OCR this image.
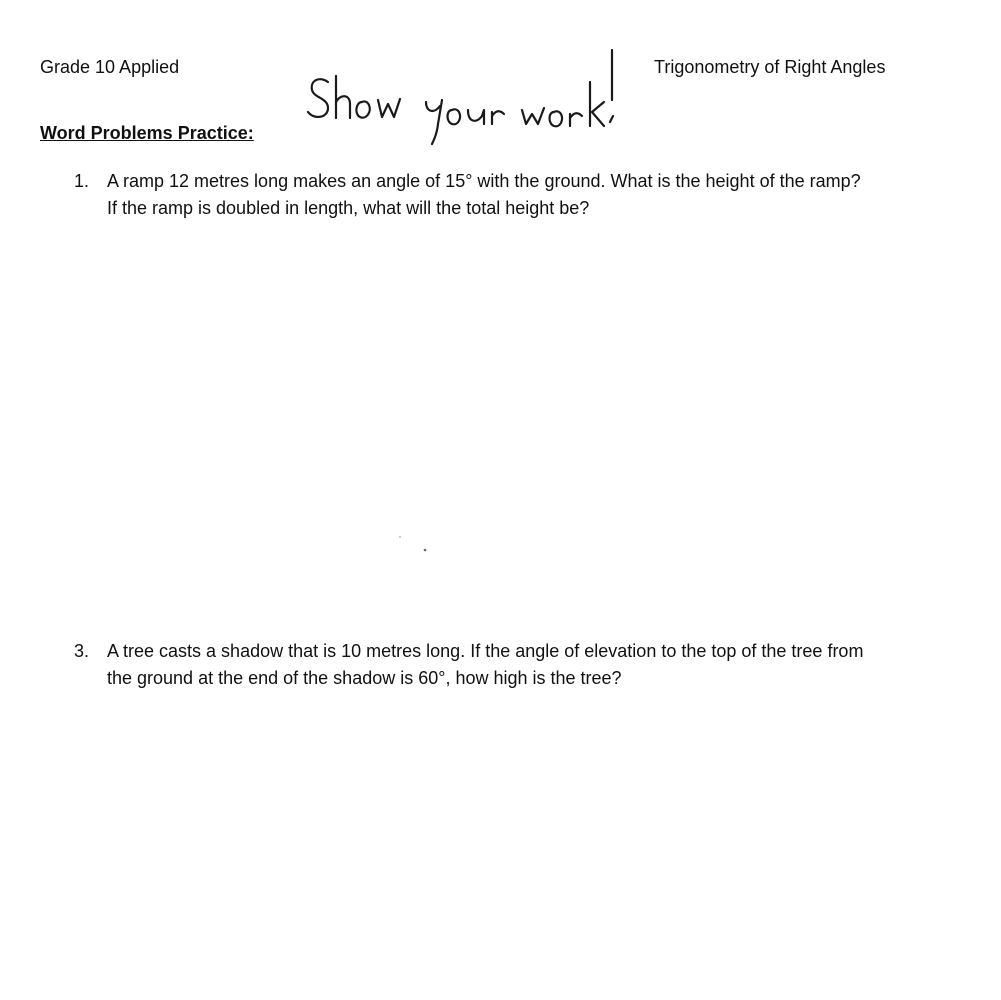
Grade 10 Applied	Trigonometry of Right Angles
Word Problems Practice:
1. A ramp 12 metres long makes an angle of 15° with the ground. What is the height of the ramp?
If the ramp is doubled in length, what will the total height be?
3. A tree casts a shadow that is 10 metres long. If the angle of elevation to the top of the tree from
the ground at the end of the shadow is 60°, how high is the tree?
